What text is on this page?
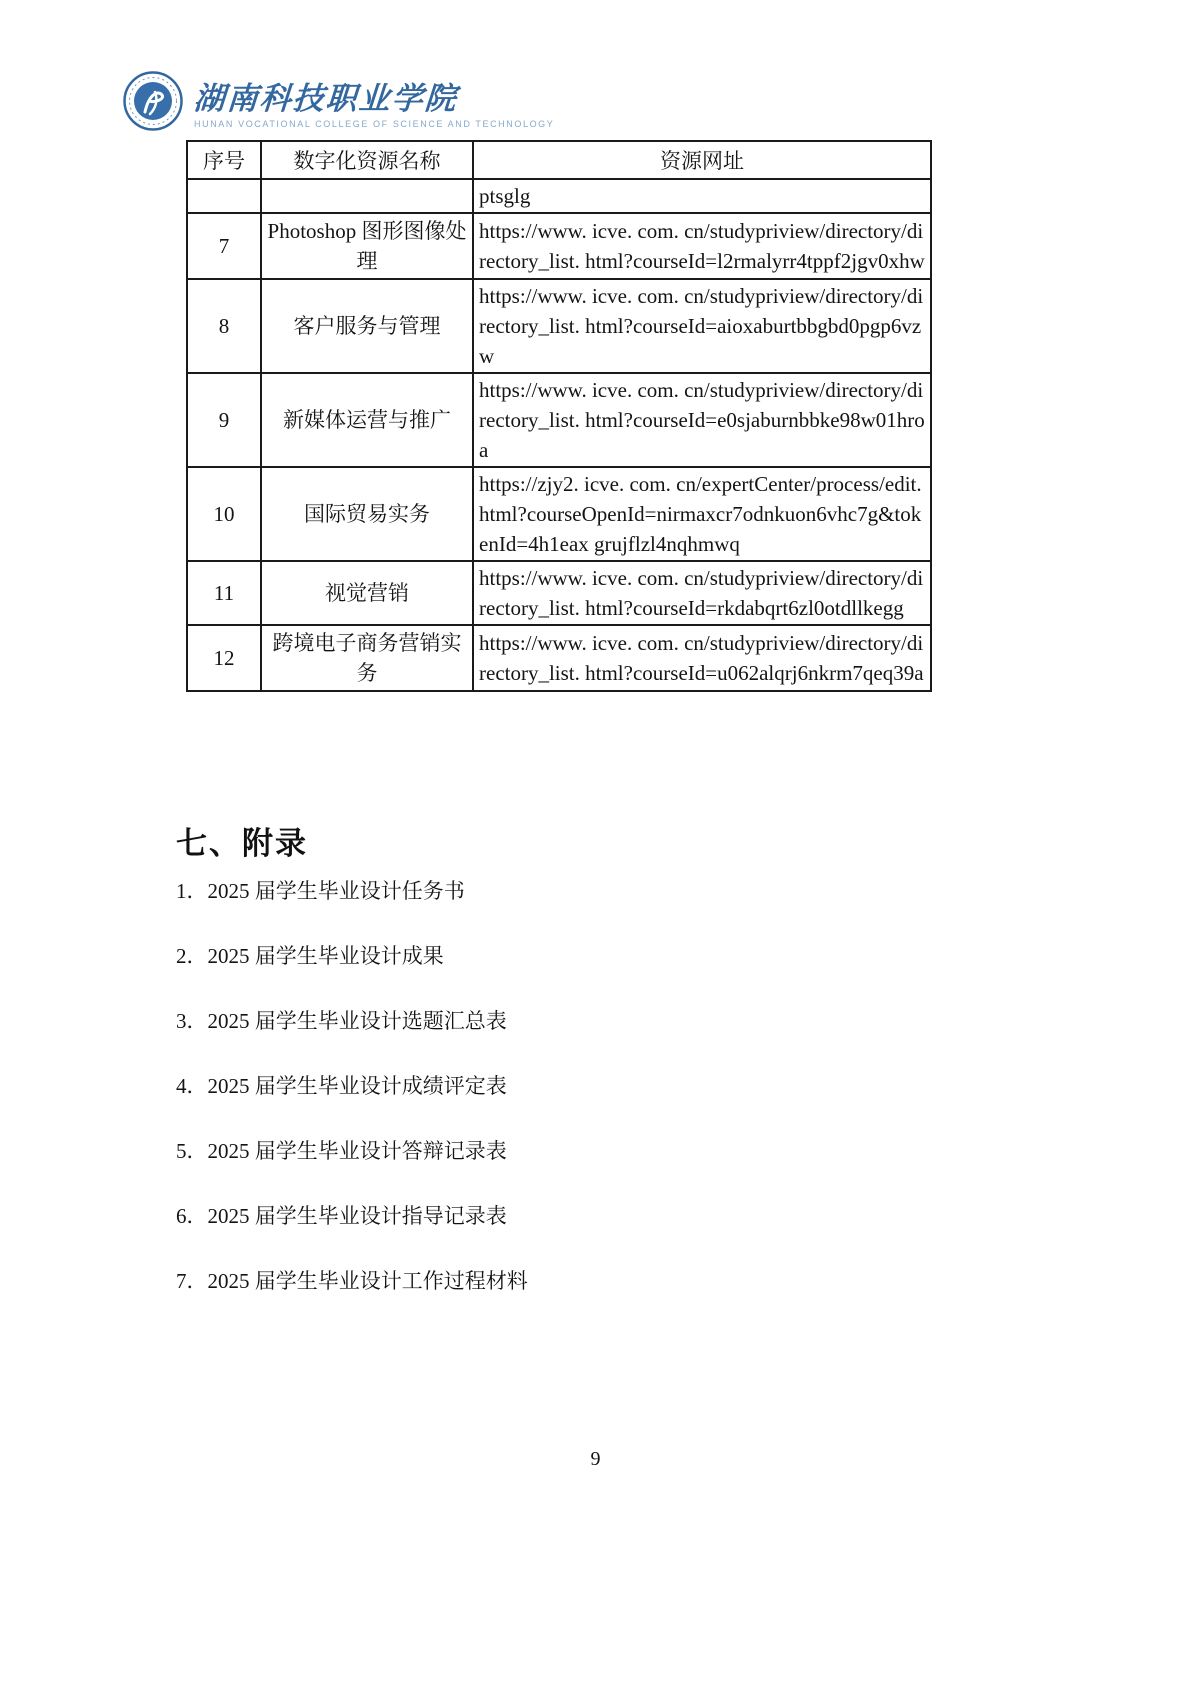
湖南科技职业学院
HUNAN VOCATIONAL COLLEGE OF SCIENCE AND TECHNOLOGY
序号	数字化资源名称	资源网址
		ptsglg
7	Photoshop 图形图像处理	https://www. icve. com. cn/studypriview/directory/directory_list. html?courseId=l2rmalyrr4tppf2jgv0xhw
8	客户服务与管理	https://www. icve. com. cn/studypriview/directory/directory_list. html?courseId=aioxaburtbbgbd0pgp6vzw
9	新媒体运营与推广	https://www. icve. com. cn/studypriview/directory/directory_list. html?courseId=e0sjaburnbbke98w01hroa
10	国际贸易实务	https://zjy2. icve. com. cn/expertCenter/process/edit. html?courseOpenId=nirmaxcr7odnkuon6vhc7g&tokenId=4h1eax grujflzl4nqhmwq
11	视觉营销	https://www. icve. com. cn/studypriview/directory/directory_list. html?courseId=rkdabqrt6zl0otdllkegg
12	跨境电子商务营销实务	https://www. icve. com. cn/studypriview/directory/directory_list. html?courseId=u062alqrj6nkrm7qeq39a
七、附录
1．2025 届学生毕业设计任务书
2．2025 届学生毕业设计成果
3．2025 届学生毕业设计选题汇总表
4．2025 届学生毕业设计成绩评定表
5．2025 届学生毕业设计答辩记录表
6．2025 届学生毕业设计指导记录表
7．2025 届学生毕业设计工作过程材料
9
